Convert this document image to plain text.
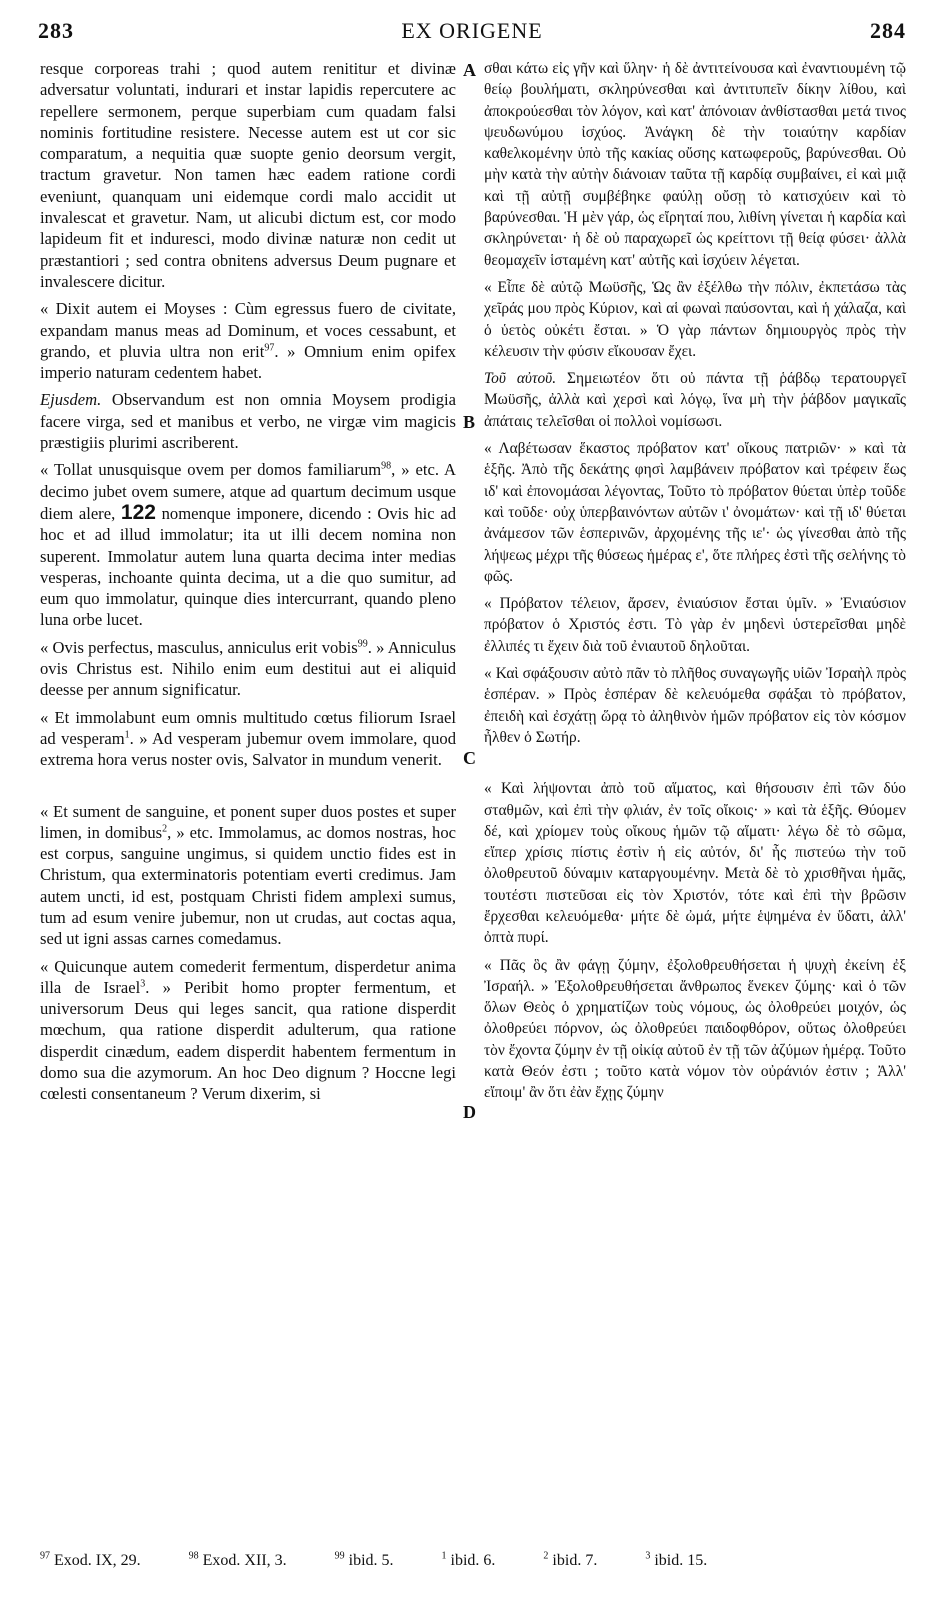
283	EX ORIGENE	284
A
B
C
D

resque corporeas trahi ; quod autem renititur et divinæ adversatur voluntati, indurari et instar lapidis repercutere ac repellere sermonem, perque superbiam cum quadam falsi nominis fortitudine resistere. Necesse autem est ut cor sic comparatum, a nequitia quæ suopte genio deorsum vergit, tractum gravetur. Non tamen hæc eadem ratione cordi eveniunt, quanquam uni eidemque cordi malo accidit ut invalescat et gravetur. Nam, ut alicubi dictum est, cor modo lapideum fit et induresci, modo divinæ naturæ non cedit ut præstantiori ; sed contra obnitens adversus Deum pugnare et invalescere dicitur.

« Dixit autem ei Moyses : Cùm egressus fuero de civitate, expandam manus meas ad Dominum, et voces cessabunt, et grando, et pluvia ultra non erit$^{97}$. » Omnium enim opifex imperio naturam cedentem habet.

Ejusdem. Observandum est non omnia Moysem prodigia facere virga, sed et manibus et verbo, ne virgæ vim magicis præstigiis plurimi ascriberent.

« Tollat unusquisque ovem per domos familiarum$^{98}$, » etc. A decimo jubet ovem sumere, atque ad quartum decimum usque diem alere, 122 nomenque imponere, dicendo : Ovis hic ad hoc et ad illud immolatur; ita ut illi decem nomina non superent. Immolatur autem luna quarta decima inter medias vesperas, inchoante quinta decima, ut a die quo sumitur, ad eum quo immolatur, quinque dies intercurrant, quando pleno luna orbe lucet.

« Ovis perfectus, masculus, anniculus erit vobis$^{99}$. » Anniculus ovis Christus est. Nihilo enim eum destitui aut ei aliquid deesse per annum significatur.

« Et immolabunt eum omnis multitudo cœtus filiorum Israel ad vesperam$^1$. » Ad vesperam jubemur ovem immolare, quod extrema hora verus noster ovis, Salvator in mundum venerit.

« Et sument de sanguine, et ponent super duos postes et super limen, in domibus$^2$, » etc. Immolamus, ac domos nostras, hoc est corpus, sanguine ungimus, si quidem unctio fides est in Christum, qua exterminatoris potentiam everti credimus. Jam autem uncti, id est, postquam Christi fidem amplexi sumus, tum ad esum venire jubemur, non ut crudas, aut coctas aqua, sed ut igni assas carnes comedamus.

« Quicunque autem comederit fermentum, disperdetur anima illa de Israel$^3$. » Peribit homo propter fermentum, et universorum Deus qui leges sancit, qua ratione disperdit mœchum, qua ratione disperdit adulterum, qua ratione disperdit cinædum, eadem disperdit habentem fermentum in domo sua die azymorum. An hoc Deo dignum ? Hoccne legi cœlesti consentaneum ? Verum dixerim, si

σθαι κάτω εἰς γῆν καὶ ὕλην· ἡ δὲ ἀντιτείνουσα καὶ ἐναντιουμένη τῷ θείῳ βουλήματι, σκληρύνεσθαι καὶ ἀντιτυπεῖν δίκην λίθου, καὶ ἀποκρούεσθαι τὸν λόγον, καὶ κατ' ἀπόνοιαν ἀνθίστασθαι μετά τινος ψευδωνύμου ἰσχύος. Ἀνάγκη δὲ τὴν τοιαύτην καρδίαν καθελκομένην ὑπὸ τῆς κακίας οὔσης κατωφεροῦς, βαρύνεσθαι. Οὐ μὴν κατὰ τὴν αὐτὴν διάνοιαν ταῦτα τῇ καρδίᾳ συμβαίνει, εἰ καὶ μιᾷ καὶ τῇ αὐτῇ συμβέβηκε φαύλῃ οὔσῃ τὸ κατισχύειν καὶ τὸ βαρύνεσθαι. Ἡ μὲν γάρ, ὡς εἴρηταί που, λιθίνη γίνεται ἡ καρδία καὶ σκληρύνεται· ἡ δὲ οὐ παραχωρεῖ ὡς κρείττονι τῇ θείᾳ φύσει· ἀλλὰ θεομαχεῖν ἱσταμένη κατ' αὐτῆς καὶ ἰσχύειν λέγεται.

« Εἶπε δὲ αὐτῷ Μωϋσῆς, Ὡς ἂν ἐξέλθω τὴν πόλιν, ἐκπετάσω τὰς χεῖράς μου πρὸς Κύριον, καὶ αἱ φωναὶ παύσονται, καὶ ἡ χάλαζα, καὶ ὁ ὑετὸς οὐκέτι ἔσται. » Ὁ γὰρ πάντων δημιουργὸς πρὸς τὴν κέλευσιν τὴν φύσιν εἴκουσαν ἔχει.

Τοῦ αὐτοῦ. Σημειωτέον ὅτι οὐ πάντα τῇ ῥάβδῳ τερατουργεῖ Μωϋσῆς, ἀλλὰ καὶ χερσὶ καὶ λόγῳ, ἵνα μὴ τὴν ῥάβδον μαγικαῖς ἀπάταις τελεῖσθαι οἱ πολλοὶ νομίσωσι.

« Λαβέτωσαν ἕκαστος πρόβατον κατ' οἴκους πατριῶν· » καὶ τὰ ἑξῆς. Ἀπὸ τῆς δεκάτης φησὶ λαμβάνειν πρόβατον καὶ τρέφειν ἕως ιδ' καὶ ἐπονομάσαι λέγοντας, Τοῦτο τὸ πρόβατον θύεται ὑπὲρ τοῦδε καὶ τοῦδε· οὐχ ὑπερβαινόντων αὐτῶν ι' ὀνομάτων· καὶ τῇ ιδ' θύεται ἀνάμεσον τῶν ἑσπερινῶν, ἀρχομένης τῆς ιε'· ὡς γίνεσθαι ἀπὸ τῆς λήψεως μέχρι τῆς θύσεως ἡμέρας ε', ὅτε πλήρες ἐστὶ τῆς σελήνης τὸ φῶς.

« Πρόβατον τέλειον, ἄρσεν, ἐνιαύσιον ἔσται ὑμῖν. » Ἐνιαύσιον πρόβατον ὁ Χριστός ἐστι. Τὸ γὰρ ἐν μηδενὶ ὑστερεῖσθαι μηδὲ ἐλλιπές τι ἔχειν διὰ τοῦ ἐνιαυτοῦ δηλοῦται.

« Καὶ σφάξουσιν αὐτὸ πᾶν τὸ πλῆθος συναγωγῆς υἱῶν Ἰσραὴλ πρὸς ἑσπέραν. » Πρὸς ἑσπέραν δὲ κελευόμεθα σφάξαι τὸ πρόβατον, ἐπειδὴ καὶ ἐσχάτῃ ὥρᾳ τὸ ἀληθινὸν ἡμῶν πρόβατον εἰς τὸν κόσμον ἦλθεν ὁ Σωτήρ.

« Καὶ λήψονται ἀπὸ τοῦ αἵματος, καὶ θήσουσιν ἐπὶ τῶν δύο σταθμῶν, καὶ ἐπὶ τὴν φλιάν, ἐν τοῖς οἴκοις· » καὶ τὰ ἑξῆς. Θύομεν δέ, καὶ χρίομεν τοὺς οἴκους ἡμῶν τῷ αἵματι· λέγω δὲ τὸ σῶμα, εἴπερ χρίσις πίστις ἐστὶν ἡ εἰς αὐτόν, δι' ἧς πιστεύω τὴν τοῦ ὀλοθρευτοῦ δύναμιν καταργουμένην. Μετὰ δὲ τὸ χρισθῆναι ἡμᾶς, τουτέστι πιστεῦσαι εἰς τὸν Χριστόν, τότε καὶ ἐπὶ τὴν βρῶσιν ἔρχεσθαι κελευόμεθα· μήτε δὲ ὠμά, μήτε ἑψημένα ἐν ὕδατι, ἀλλ' ὀπτὰ πυρί.

« Πᾶς ὃς ἂν φάγῃ ζύμην, ἐξολοθρευθήσεται ἡ ψυχὴ ἐκείνη ἐξ Ἰσραήλ. » Ἐξολοθρευθήσεται ἄνθρωπος ἕνεκεν ζύμης· καὶ ὁ τῶν ὅλων Θεὸς ὁ χρηματίζων τοὺς νόμους, ὡς ὀλοθρεύει μοιχόν, ὡς ὀλοθρεύει πόρνον, ὡς ὀλοθρεύει παιδοφθόρον, οὕτως ὀλοθρεύει τὸν ἔχοντα ζύμην ἐν τῇ οἰκίᾳ αὐτοῦ ἐν τῇ τῶν ἀζύμων ἡμέρᾳ. Τοῦτο κατὰ Θεόν ἐστι ; τοῦτο κατὰ νόμον τὸν οὐράνιόν ἐστιν ; Ἀλλ' εἴποιμ' ἂν ὅτι ἐὰν ἔχῃς ζύμην

$^{97}$ Exod. IX, 29.	$^{98}$ Exod. XII, 3.	$^{99}$ ibid. 5.	$^1$ ibid. 6.	$^2$ ibid. 7.	$^3$ ibid. 15.
